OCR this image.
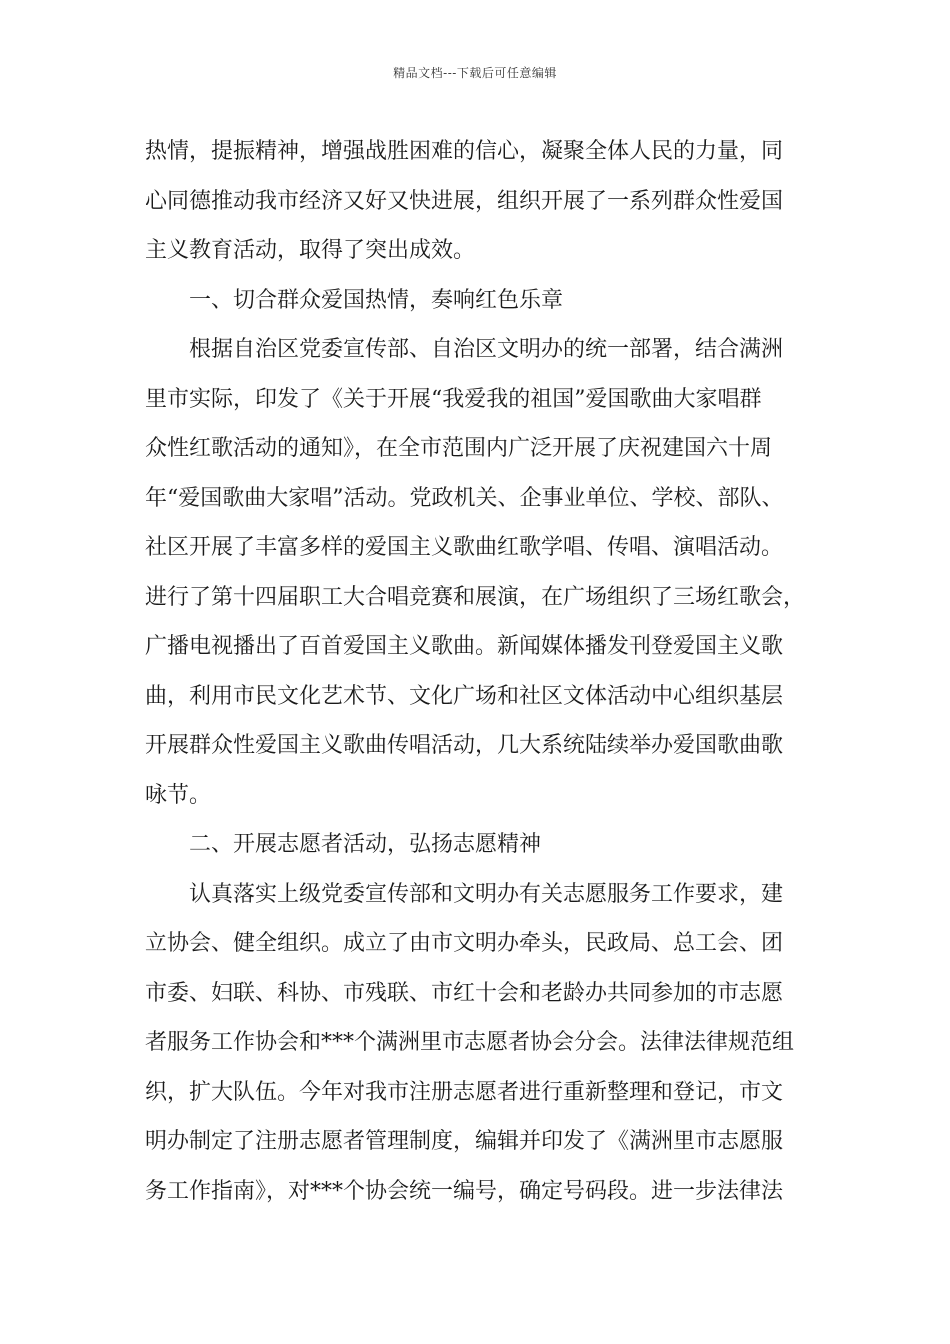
精品文档---下载后可任意编辑
热情，提振精神，增强战胜困难的信心，凝聚全体人民的力量，同
心同德推动我市经济又好又快进展，组织开展了一系列群众性爱国
主义教育活动，取得了突出成效。
一、切合群众爱国热情，奏响红色乐章
根据自治区党委宣传部、自治区文明办的统一部署，结合满洲
里市实际，印发了《关于开展“我爱我的祖国”爱国歌曲大家唱群
众性红歌活动的通知》，在全市范围内广泛开展了庆祝建国六十周
年“爱国歌曲大家唱”活动。党政机关、企事业单位、学校、部队、
社区开展了丰富多样的爱国主义歌曲红歌学唱、传唱、演唱活动。
进行了第十四届职工大合唱竞赛和展演，在广场组织了三场红歌会，
广播电视播出了百首爱国主义歌曲。新闻媒体播发刊登爱国主义歌
曲，利用市民文化艺术节、文化广场和社区文体活动中心组织基层
开展群众性爱国主义歌曲传唱活动，几大系统陆续举办爱国歌曲歌
咏节。
二、开展志愿者活动，弘扬志愿精神
认真落实上级党委宣传部和文明办有关志愿服务工作要求，建
立协会、健全组织。成立了由市文明办牵头，民政局、总工会、团
市委、妇联、科协、市残联、市红十会和老龄办共同参加的市志愿
者服务工作协会和***个满洲里市志愿者协会分会。法律法律规范组
织，扩大队伍。今年对我市注册志愿者进行重新整理和登记，市文
明办制定了注册志愿者管理制度，编辑并印发了《满洲里市志愿服
务工作指南》，对***个协会统一编号，确定号码段。进一步法律法
